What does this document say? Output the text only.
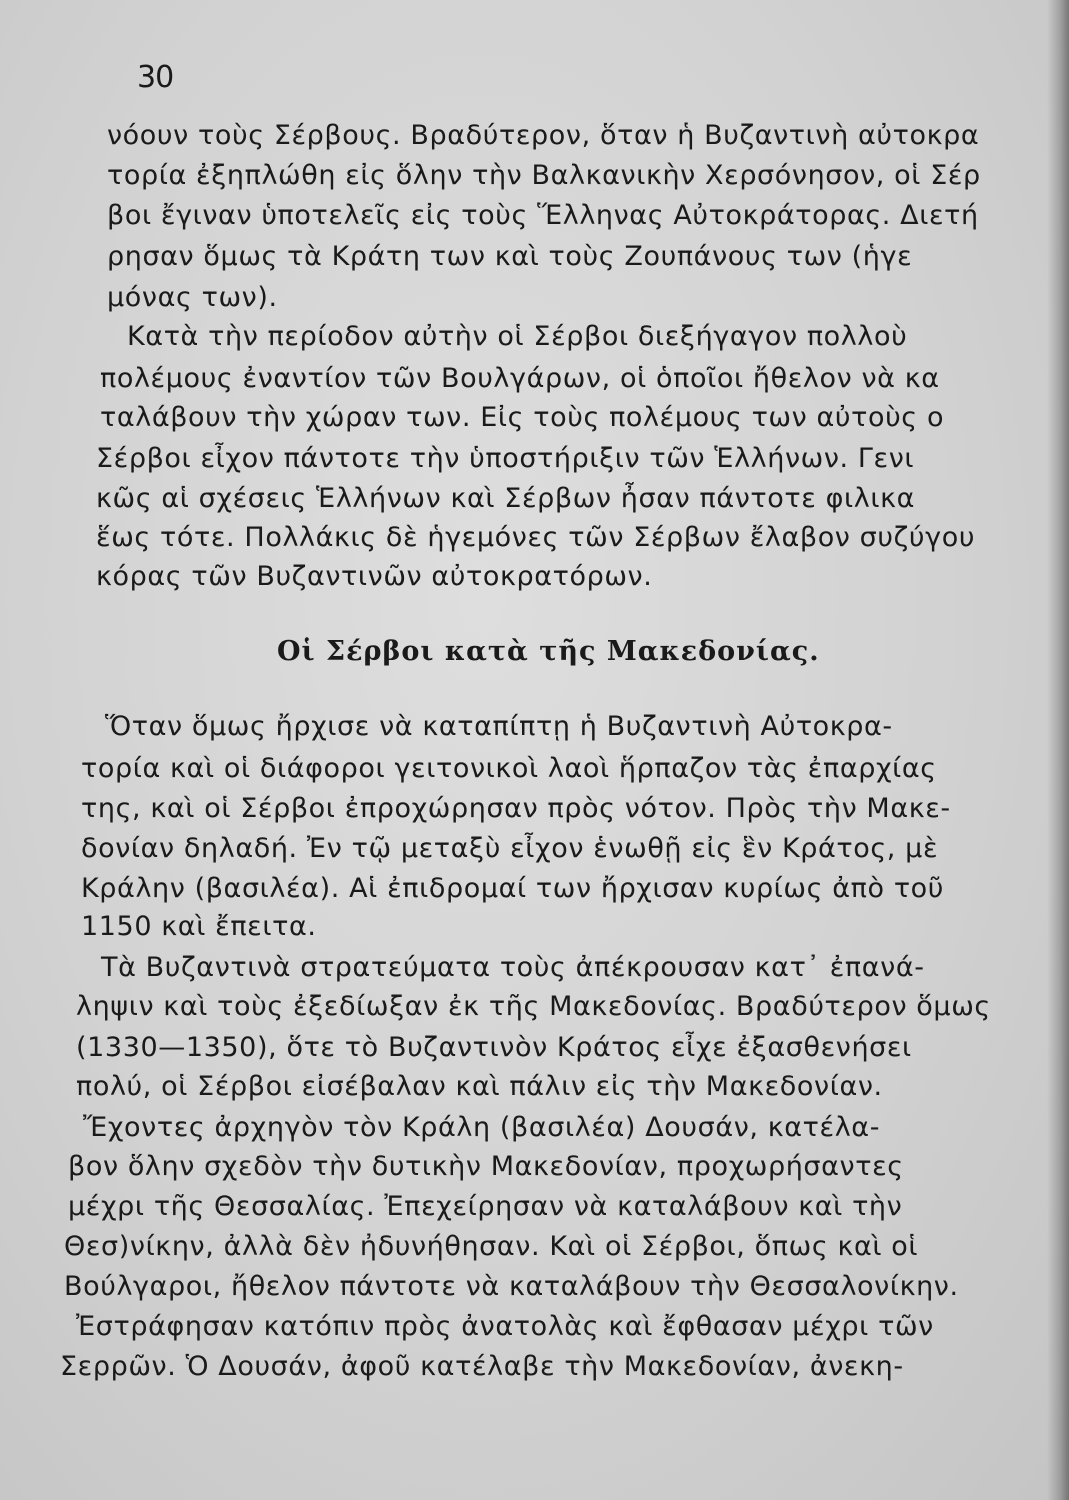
30
νόουν τοὺς Σέρβους. Βραδύτερον, ὅταν ἡ Βυζαντινὴ αὐτοκρα
τορία ἐξηπλώθη εἰς ὅλην τὴν Βαλκανικὴν Χερσόνησον, οἱ Σέρ
βοι ἔγιναν ὑποτελεῖς εἰς τοὺς Ἕλληνας Αὐτοκράτορας. Διετή
ρησαν ὅμως τὰ Κράτη των καὶ τοὺς Ζουπάνους των (ἡγε
μόνας των).
Κατὰ τὴν περίοδον αὐτὴν οἱ Σέρβοι διεξήγαγον πολλοὺ
πολέμους ἐναντίον τῶν Βουλγάρων, οἱ ὁποῖοι ἤθελον νὰ κα
ταλάβουν τὴν χώραν των. Εἰς τοὺς πολέμους των αὐτοὺς ο
Σέρβοι εἶχον πάντοτε τὴν ὑποστήριξιν τῶν Ἑλλήνων. Γενι
κῶς αἱ σχέσεις Ἑλλήνων καὶ Σέρβων ἦσαν πάντοτε φιλικα
ἕως τότε. Πολλάκις δὲ ἡγεμόνες τῶν Σέρβων ἔλαβον συζύγου
κόρας τῶν Βυζαντινῶν αὐτοκρατόρων.
Οἱ Σέρβοι κατὰ τῆς Μακεδονίας.
Ὅταν ὅμως ἤρχισε νὰ καταπίπτῃ ἡ Βυζαντινὴ Αὐτοκρα-
τορία καὶ οἱ διάφοροι γειτονικοὶ λαοὶ ἥρπαζον τὰς ἐπαρχίας
της, καὶ οἱ Σέρβοι ἐπροχώρησαν πρὸς νότον. Πρὸς τὴν Μακε-
δονίαν δηλαδή. Ἐν τῷ μεταξὺ εἶχον ἑνωθῇ εἰς ἓν Κράτος, μὲ
Κράλην (βασιλέα). Αἱ ἐπιδρομαί των ἤρχισαν κυρίως ἀπὸ τοῦ
1150 καὶ ἔπειτα.
Τὰ Βυζαντινὰ στρατεύματα τοὺς ἀπέκρουσαν κατ᾽ ἐπανά-
ληψιν καὶ τοὺς ἐξεδίωξαν ἐκ τῆς Μακεδονίας. Βραδύτερον ὅμως
(1330—1350), ὅτε τὸ Βυζαντινὸν Κράτος εἶχε ἐξασθενήσει
πολύ, οἱ Σέρβοι εἰσέβαλαν καὶ πάλιν εἰς τὴν Μακεδονίαν.
Ἔχοντες ἀρχηγὸν τὸν Κράλη (βασιλέα) Δουσάν, κατέλα-
βον ὅλην σχεδὸν τὴν δυτικὴν Μακεδονίαν, προχωρήσαντες
μέχρι τῆς Θεσσαλίας. Ἐπεχείρησαν νὰ καταλάβουν καὶ τὴν
Θεσ)νίκην, ἀλλὰ δὲν ἠδυνήθησαν. Καὶ οἱ Σέρβοι, ὅπως καὶ οἱ
Βούλγαροι, ἤθελον πάντοτε νὰ καταλάβουν τὴν Θεσσαλονίκην.
Ἐστράφησαν κατόπιν πρὸς ἀνατολὰς καὶ ἔφθασαν μέχρι τῶν
Σερρῶν. Ὁ Δουσάν, ἀφοῦ κατέλαβε τὴν Μακεδονίαν, ἀνεκη-
